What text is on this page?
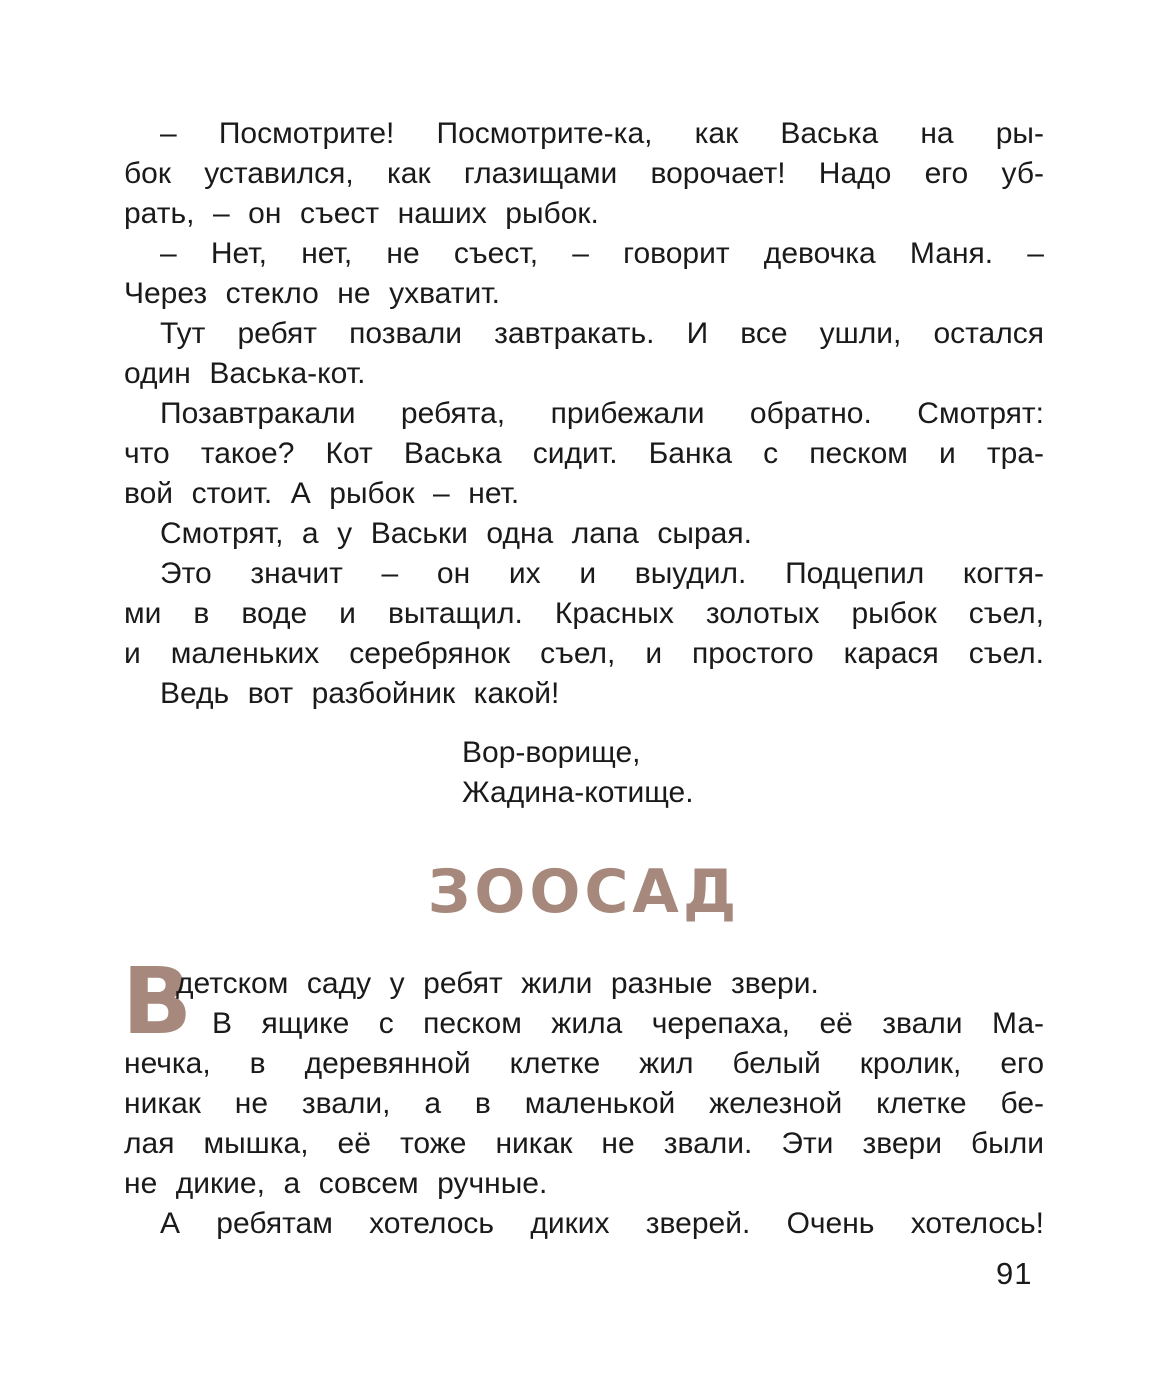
– Посмотрите! Посмотрите-ка, как Васька на ры-
бок уставился, как глазищами ворочает! Надо его уб-
рать, – он съест наших рыбок.
– Нет, нет, не съест, – говорит девочка Маня. –
Через стекло не ухватит.
Тут ребят позвали завтракать. И все ушли, остался
один Васька-кот.
Позавтракали ребята, прибежали обратно. Смотрят:
что такое? Кот Васька сидит. Банка с песком и тра-
вой стоит. А рыбок – нет.
Смотрят, а у Васьки одна лапа сырая.
Это значит – он их и выудил. Подцепил когтя-
ми в воде и вытащил. Красных золотых рыбок съел,
и маленьких серебрянок съел, и простого карася съел.
Ведь вот разбойник какой!
Вор-ворище,
Жадина-котище.
ЗООСАД
В
детском саду у ребят жили разные звери.
В ящике с песком жила черепаха, её звали Ма-
нечка, в деревянной клетке жил белый кролик, его
никак не звали, а в маленькой железной клетке бе-
лая мышка, её тоже никак не звали. Эти звери были
не дикие, а совсем ручные.
А ребятам хотелось диких зверей. Очень хотелось!
91
